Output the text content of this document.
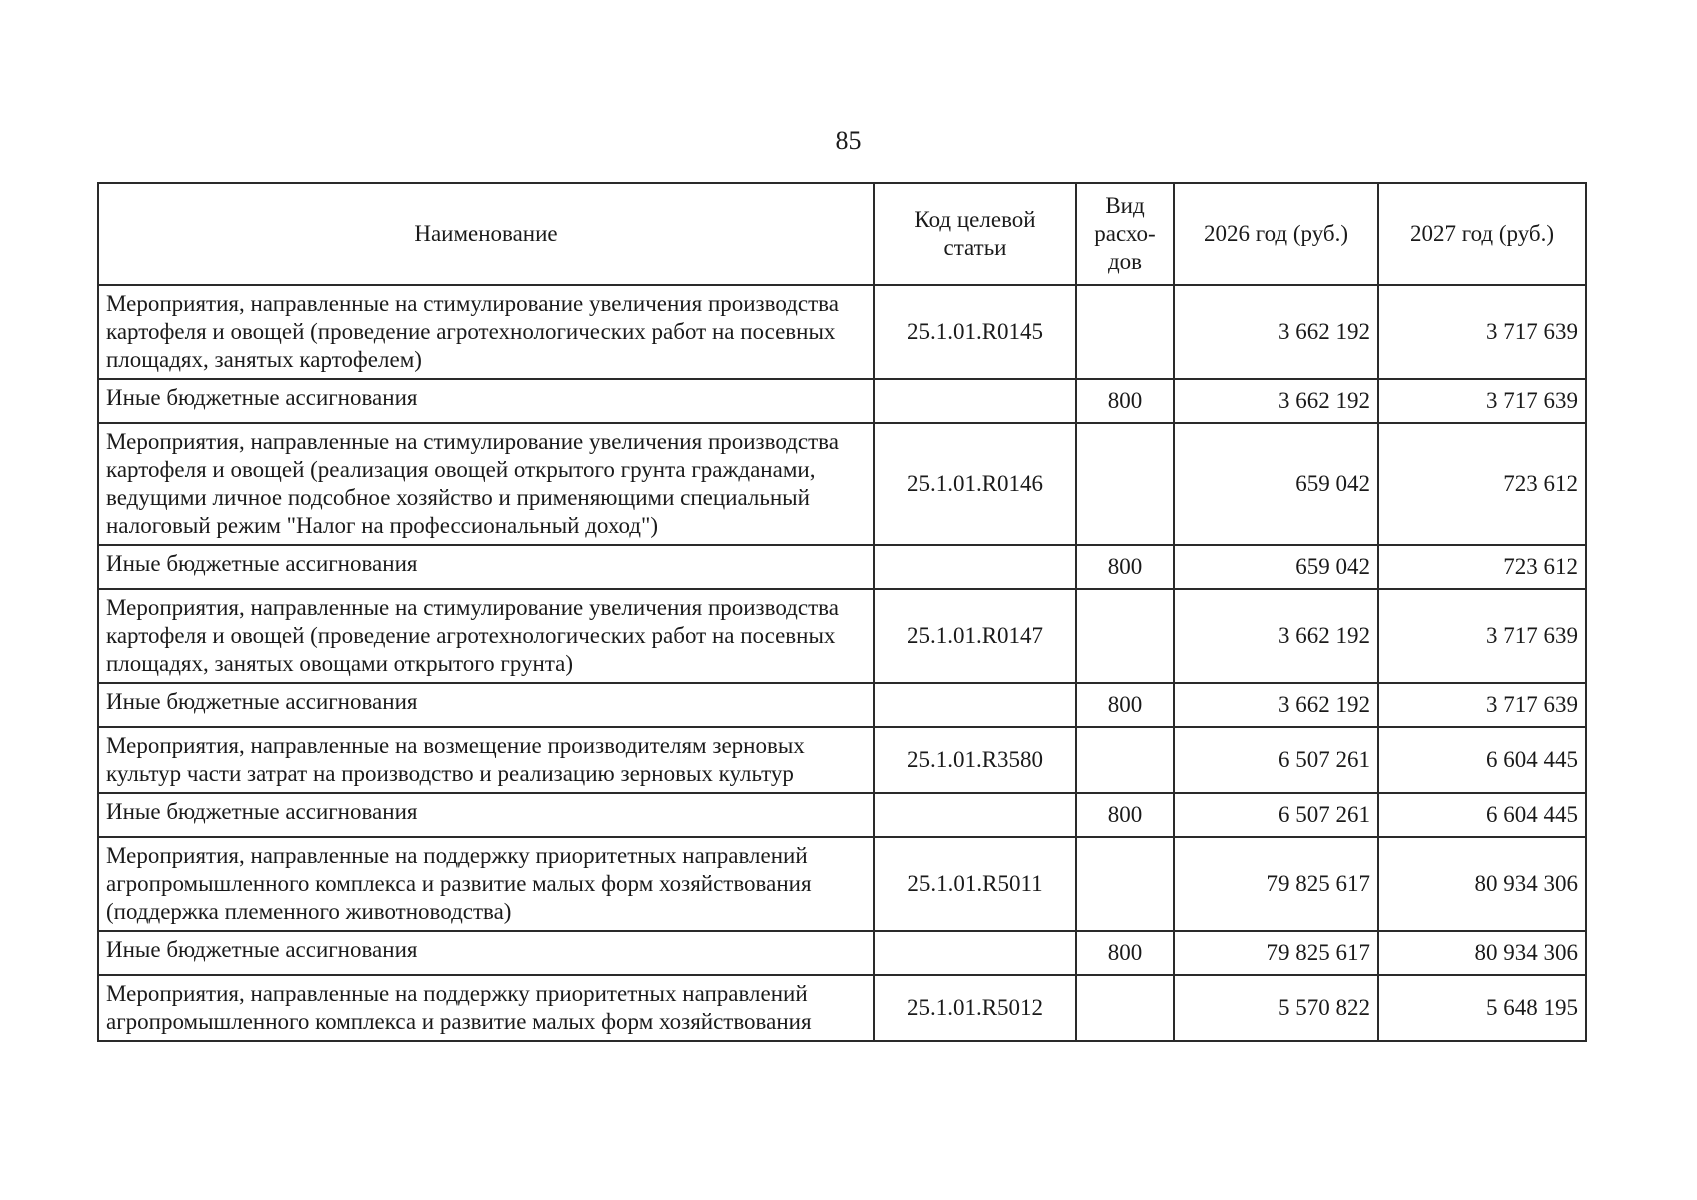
85
Наименование	Код целевой статьи	Вид расхо-дов	2026 год (руб.)	2027 год (руб.)
Мероприятия, направленные на стимулирование увеличения производства картофеля и овощей (проведение агротехнологических работ на посевных площадях, занятых картофелем)	25.1.01.R0145		3 662 192	3 717 639
Иные бюджетные ассигнования		800	3 662 192	3 717 639
Мероприятия, направленные на стимулирование увеличения производства картофеля и овощей (реализация овощей открытого грунта гражданами, ведущими личное подсобное хозяйство и применяющими специальный налоговый режим "Налог на профессиональный доход")	25.1.01.R0146		659 042	723 612
Иные бюджетные ассигнования		800	659 042	723 612
Мероприятия, направленные на стимулирование увеличения производства картофеля и овощей (проведение агротехнологических работ на посевных площадях, занятых овощами открытого грунта)	25.1.01.R0147		3 662 192	3 717 639
Иные бюджетные ассигнования		800	3 662 192	3 717 639
Мероприятия, направленные на возмещение производителям зерновых культур части затрат на производство и реализацию зерновых культур	25.1.01.R3580		6 507 261	6 604 445
Иные бюджетные ассигнования		800	6 507 261	6 604 445
Мероприятия, направленные на поддержку приоритетных направлений агропромышленного комплекса и развитие малых форм хозяйствования (поддержка племенного животноводства)	25.1.01.R5011		79 825 617	80 934 306
Иные бюджетные ассигнования		800	79 825 617	80 934 306
Мероприятия, направленные на поддержку приоритетных направлений агропромышленного комплекса и развитие малых форм хозяйствования	25.1.01.R5012		5 570 822	5 648 195
